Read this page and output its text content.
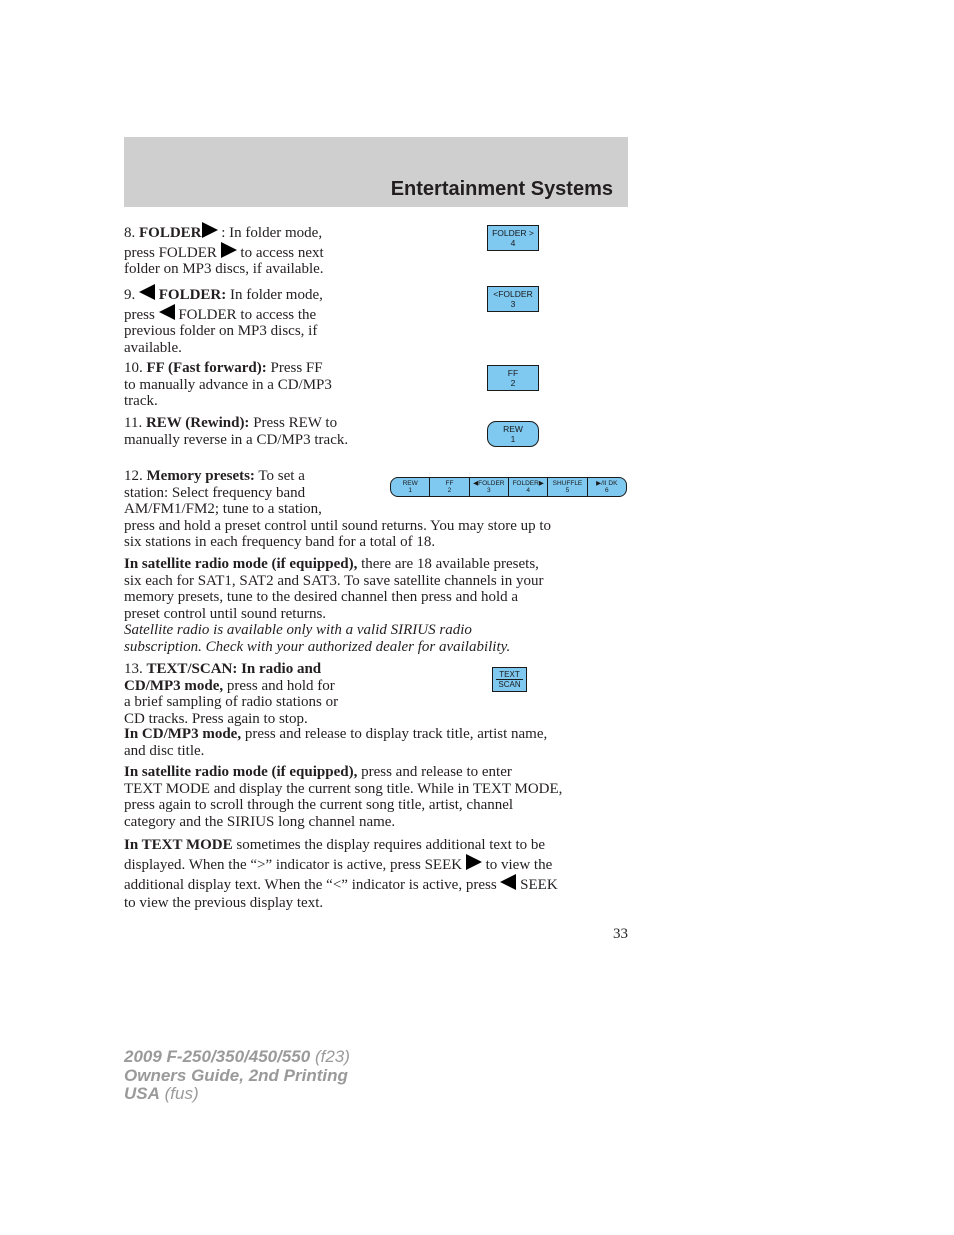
Entertainment Systems

8. FOLDER : In folder mode,
press FOLDER to access next
folder on MP3 discs, if available.

FOLDER >
4

9. FOLDER: In folder mode,
press FOLDER to access the
previous folder on MP3 discs, if
available.

<FOLDER
3

10. FF (Fast forward): Press FF
to manually advance in a CD/MP3
track.

FF
2

11. REW (Rewind): Press REW to
manually reverse in a CD/MP3 track.

REW
1

12. Memory presets: To set a
station: Select frequency band
AM/FM1/FM2; tune to a station,
press and hold a preset control until sound returns. You may store up to
six stations in each frequency band for a total of 18.

REW
1
FF
2
◀FOLDER
3
FOLDER▶
4
SHUFFLE
5
▶/II DK
6

In satellite radio mode (if equipped), there are 18 available presets,
six each for SAT1, SAT2 and SAT3. To save satellite channels in your
memory presets, tune to the desired channel then press and hold a
preset control until sound returns.
Satellite radio is available only with a valid SIRIUS radio
subscription. Check with your authorized dealer for availability.

13. TEXT/SCAN: In radio and
CD/MP3 mode, press and hold for
a brief sampling of radio stations or
CD tracks. Press again to stop.

TEXT
SCAN

In CD/MP3 mode, press and release to display track title, artist name,
and disc title.

In satellite radio mode (if equipped), press and release to enter
TEXT MODE and display the current song title. While in TEXT MODE,
press again to scroll through the current song title, artist, channel
category and the SIRIUS long channel name.

In TEXT MODE sometimes the display requires additional text to be
displayed. When the “>” indicator is active, press SEEK to view the
additional display text. When the “<” indicator is active, press SEEK
to view the previous display text.

33
2009 F-250/350/450/550 (f23)
Owners Guide, 2nd Printing
USA (fus)
